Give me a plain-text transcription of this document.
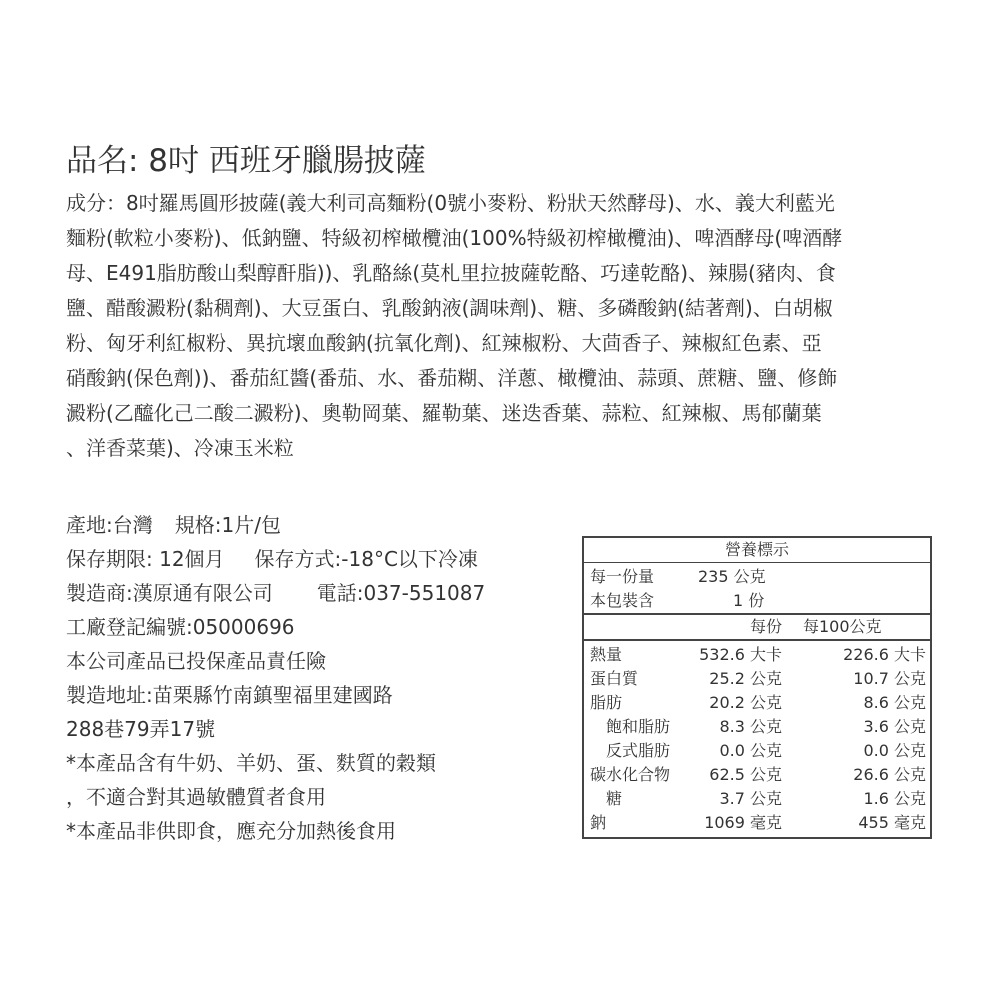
品名: 8吋 西班牙臘腸披薩
成分：8吋羅馬圓形披薩(義大利司高麵粉(0號小麥粉、粉狀天然酵母)、水、義大利藍光
麵粉(軟粒小麥粉)、低鈉鹽、特級初榨橄欖油(100%特級初榨橄欖油)、啤酒酵母(啤酒酵
母、E491脂肪酸山梨醇酐脂))、乳酪絲(莫札里拉披薩乾酪、巧達乾酪)、辣腸(豬肉、食
鹽、醋酸澱粉(黏稠劑)、大豆蛋白、乳酸鈉液(調味劑)、糖、多磷酸鈉(結著劑)、白胡椒
粉、匈牙利紅椒粉、異抗壞血酸鈉(抗氧化劑)、紅辣椒粉、大茴香子、辣椒紅色素、亞
硝酸鈉(保色劑))、番茄紅醬(番茄、水、番茄糊、洋蔥、橄欖油、蒜頭、蔗糖、鹽、修飾
澱粉(乙醯化己二酸二澱粉)、奧勒岡葉、羅勒葉、迷迭香葉、蒜粒、紅辣椒、馬郁蘭葉
、洋香菜葉)、冷凍玉米粒
產地:台灣 規格:1片/包
保存期限: 12個月 保存方式:-18°C以下冷凍
製造商:漢原通有限公司 電話:037-551087
工廠登記編號:05000696
本公司產品已投保產品責任險
製造地址:苗栗縣竹南鎮聖福里建國路
288巷79弄17號
*本產品含有牛奶、羊奶、蛋、麩質的穀類
，不適合對其過敏體質者食用
*本產品非供即食，應充分加熱後食用
營養標示
每一份量	235 公克
本包裝含	1 份
每份 每100公克
熱量	532.6 大卡	226.6 大卡
蛋白質	25.2 公克	10.7 公克
脂肪	20.2 公克	8.6 公克
飽和脂肪	8.3 公克	3.6 公克
反式脂肪	0.0 公克	0.0 公克
碳水化合物 62.5 公克	26.6 公克
糖	3.7 公克	1.6 公克
鈉	1069 毫克	455 毫克
